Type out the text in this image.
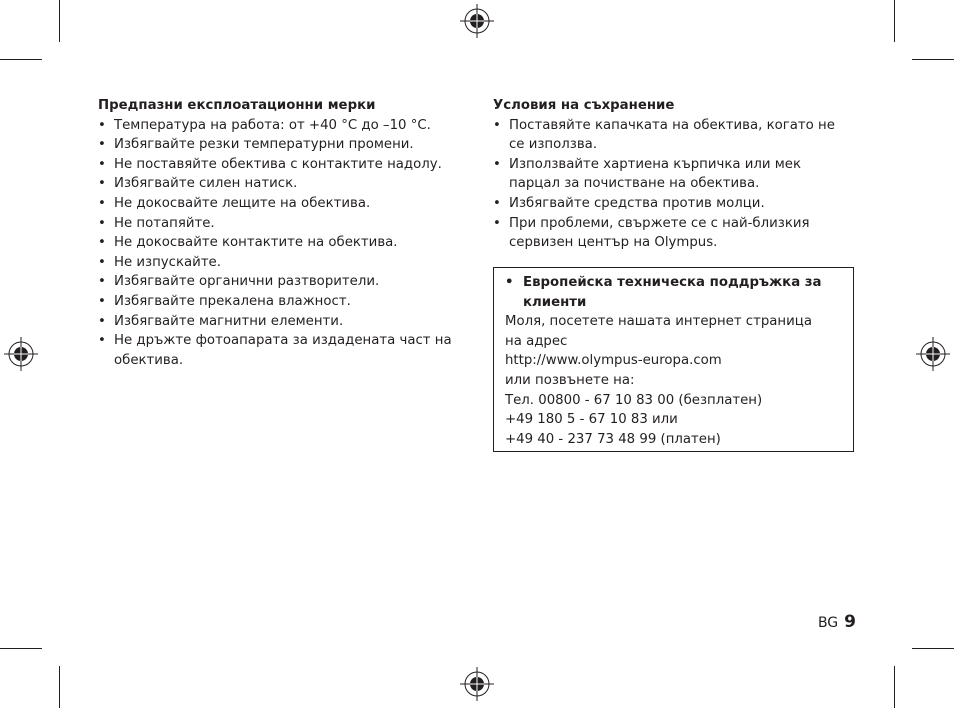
Предпазни експлоатационни мерки

• Температура на работа: от +40 °C до –10 °C.
• Избягвайте резки температурни промени.
• Не поставяйте обектива с контактите надолу.
• Избягвайте силен натиск.
• Не докосвайте лещите на обектива.
• Не потапяйте.
• Не докосвайте контактите на обектива.
• Не изпускайте.
• Избягвайте органични разтворители.
• Избягвайте прекалена влажност.
• Избягвайте магнитни елементи.
• Не дръжте фотоапарата за издадената част на обектива.

Условия на съхранение

• Поставяйте капачката на обектива, когато не се използва.
• Използвайте хартиена кърпичка или мек парцал за почистване на обектива.
• Избягвайте средства против молци.
• При проблеми, свържете се с най-близкия сервизен център на Olympus.
• Европейска техническа поддръжка за клиенти

Моля, посетете нашата интернет страница

на адрес

http://www.olympus-europa.com

или позвънете на:

Тел. 00800 - 67 10 83 00 (безплатен)

+49 180 5 - 67 10 83 или

+49 40 - 237 73 48 99 (платен)

BG 9
